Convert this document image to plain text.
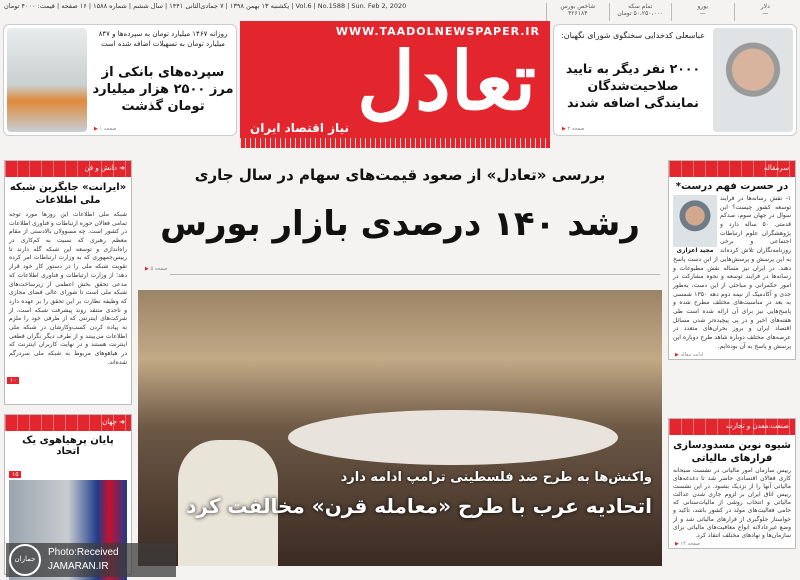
Vol.6 | No.1588 | Sun. Feb 2, 2020 | یکشنبه ۱۳ بهمن ۱۳۹۸ | ۷ جمادی‌الثانی ۱۴۴۱ | سال ششم | شماره ۱۵۸۸ | ۱۶ صفحه | قیمت: ۴۰۰۰ تومان
WWW.TAADOLNEWSPAPER.IR
تعادل
نیاز اقتصاد ایران
دلار
—
یورو
—
تمام سکه
۵۰،۲۵۰،۰۰۰ تومان
شاخص بورس
۴۲۶۱۸۴
روزانه ۱۴۶۷ میلیارد تومان به سپرده‌ها و ۸۴۷ میلیارد تومان به تسهیلات اضافه شده است
سپرده‌های بانکی از مرز ۲۵۰۰ هزار میلیارد تومان گذشت
صفحه ۱ ▶
عباسعلی کدخدایی سخنگوی شورای نگهبان:
۲۰۰۰ نفر دیگر به تایید صلاحیت‌شدگان نمایندگی اضافه شدند
صفحه ۲ ▶
بررسی «تعادل» از صعود قیمت‌های سهام در سال جاری
رشد ۱۴۰ درصدی بازار بورس
صفحه ۵ ▶
واکنش‌ها به طرح ضد فلسطینی ترامپ ادامه دارد
اتحادیه عرب با طرح «معامله قرن» مخالفت کرد
➜ دانش و فن
«ایرانت» جایگزین شبکه ملی اطلاعات
شبکه ملی اطلاعات این روزها مورد توجه تمامی فعالان حوزه ارتباطات و فناوری اطلاعات در کشور است. چه مسوولان بالادستی از مقام معظم رهبری که نسبت به کم‌کاری در راه‌اندازی و توسعه این شبکه گله دارند تا رییس‌جمهوری که به وزارت ارتباطات امر کرده تقویت شبکه ملی را در دستور کار خود قرار دهد؛ از وزارت ارتباطات و فناوری اطلاعات که مدعی تحقق بخش اعظمی از زیرساخت‌های شبکه ملی است تا شورای عالی فضای مجازی که وظیفه نظارت بر این تحقق را بر عهده دارد و تاحدی منتقد روند پیشرفت شبکه است، از شرکت‌های اینترنتی که از طرفی خود را ملزم به پیاده کردن کسب‌وکارشان در شبکه ملی اطلاعات می‌بینند و از طرف دیگر نگران قطعی اینترنت هستند و در نهایت کاربران اینترنت که در هیاهوهای مربوط به شبکه ملی سردرگم شده‌اند.
۱۰
➜ جهان
پایان پرهیاهوی یک اتحاد
۱۵
سرمقاله
در حسرت فهم درست*
مجید اعزازی
۱- نقش رسانه‌ها در فرایند توسعه کشور چیست؟ این سوال در جهان سوم، صدکم قدمتی ۵۰ ساله دارد و پژوهشگران علوم ارتباطات اجتماعی و برخی روزنامه‌نگاران تلاش کرده‌اند به این پرسش و پرسش‌هایی از این دست پاسخ دهند. در ایران نیز مساله نقش مطبوعات و رسانه‌ها در فرایند توسعه و نحوه مشارکت در امور حکمرانی و مباحثی از این دست، به‌طور جدی و آکادمیک از نیمه دوم دهه ۱۳۵۰ شمسی به بعد در مناسبت‌های مختلف مطرح شده و پاسخ‌هایی نیز برای آن ارائه شده است طی هفته‌های اخیر و در پی پیچیده‌تر شدن مسائل اقتصاد ایران و بروز بحران‌های متعدد در عرصه‌های مختلف دوباره شاهد طرح دوباره این پرسش و پاسخ به آن بوده‌ایم.
ادامه مقاله ▶
صنعت،معدن و تجارت
شیوه نوین مسدودسازی فرارهای مالیاتی
رییس سازمان امور مالیاتی در نشست صبحانه کاری فعالان اقتصادی حاضر شد تا دغدغه‌های مالیاتی آنها را از نزدیک بشنود. در این نشست رییس اتاق ایران بر لزوم جاری شدن عدالت مالیاتی و انتخاب روشی از مالیات‌ستانی که حامی فعالیت‌های مولد در کشور باشد، تاکید و خواستار جلوگیری از فرارهای مالیاتی شد و از وضع غیرعادلانه انواع معافیت‌های مالیاتی برای سازمان‌ها و نهادهای مختلف انتقاد کرد.
صفحه ۱۴ ▶
جماران
Photo:Received
JAMARAN.IR
